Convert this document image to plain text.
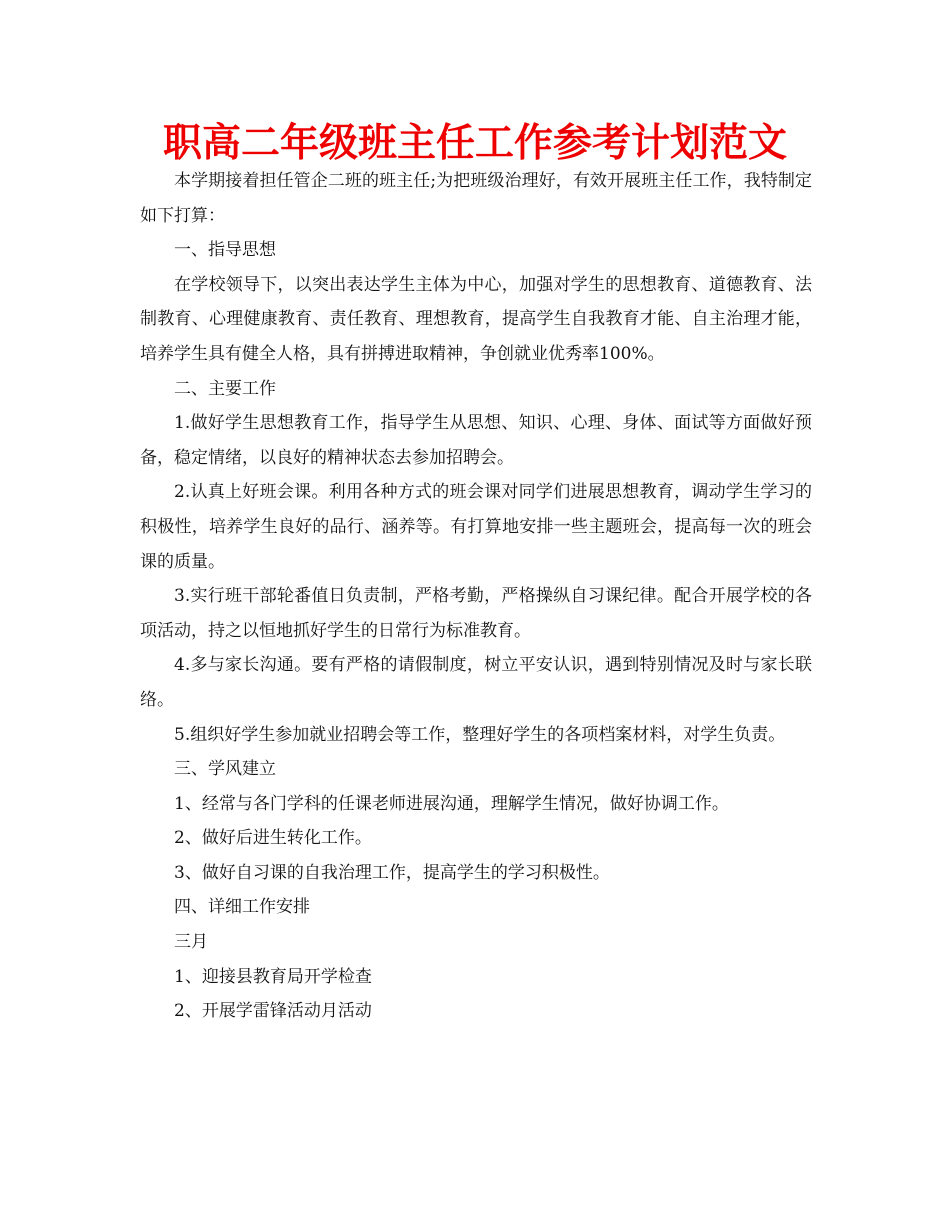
职高二年级班主任工作参考计划范文

本学期接着担任管企二班的班主任;为把班级治理好，有效开展班主任工作，我特制定如下打算：

一、指导思想

在学校领导下，以突出表达学生主体为中心，加强对学生的思想教育、道德教育、法制教育、心理健康教育、责任教育、理想教育，提高学生自我教育才能、自主治理才能，培养学生具有健全人格，具有拼搏进取精神，争创就业优秀率100%。

二、主要工作

1.做好学生思想教育工作，指导学生从思想、知识、心理、身体、面试等方面做好预备，稳定情绪，以良好的精神状态去参加招聘会。

2.认真上好班会课。利用各种方式的班会课对同学们进展思想教育，调动学生学习的积极性，培养学生良好的品行、涵养等。有打算地安排一些主题班会，提高每一次的班会课的质量。

3.实行班干部轮番值日负责制，严格考勤，严格操纵自习课纪律。配合开展学校的各项活动，持之以恒地抓好学生的日常行为标准教育。

4.多与家长沟通。要有严格的请假制度，树立平安认识，遇到特别情况及时与家长联络。

5.组织好学生参加就业招聘会等工作，整理好学生的各项档案材料，对学生负责。

三、学风建立

1、经常与各门学科的任课老师进展沟通，理解学生情况，做好协调工作。

2、做好后进生转化工作。

3、做好自习课的自我治理工作，提高学生的学习积极性。

四、详细工作安排

三月

1、迎接县教育局开学检查

2、开展学雷锋活动月活动
